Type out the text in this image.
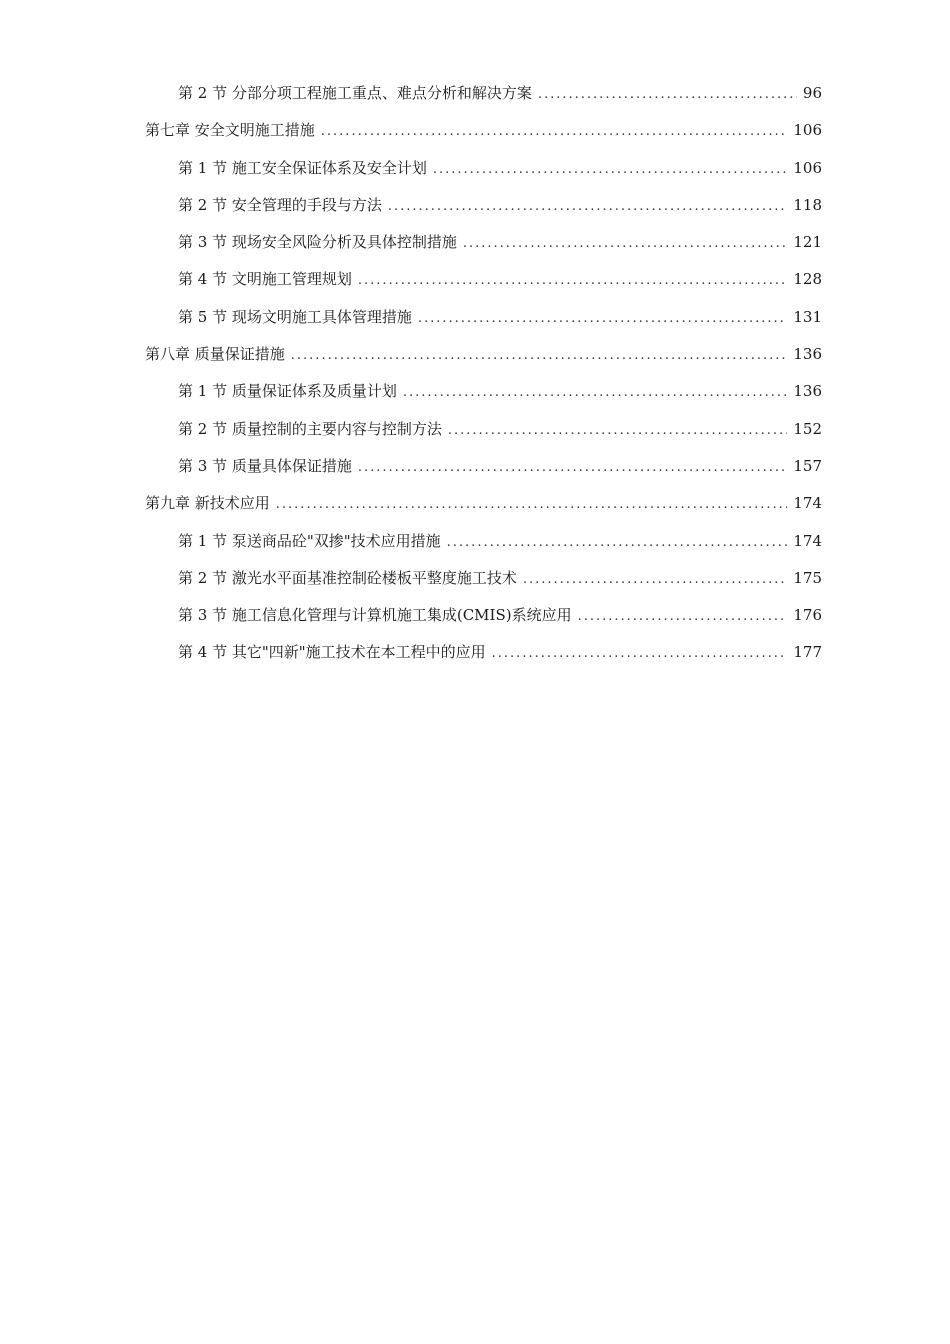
第 2 节 分部分项工程施工重点、难点分析和解决方案 .....	96
第七章 安全文明施工措施 .....	106
第 1 节 施工安全保证体系及安全计划 .....	106
第 2 节 安全管理的手段与方法 .....	118
第 3 节 现场安全风险分析及具体控制措施 .....	121
第 4 节 文明施工管理规划 .....	128
第 5 节 现场文明施工具体管理措施 .....	131
第八章 质量保证措施 .....	136
第 1 节 质量保证体系及质量计划 .....	136
第 2 节 质量控制的主要内容与控制方法 .....	152
第 3 节 质量具体保证措施 .....	157
第九章 新技术应用 .....	174
第 1 节 泵送商品砼"双掺"技术应用措施 .....	174
第 2 节 激光水平面基准控制砼楼板平整度施工技术 .....	175
第 3 节 施工信息化管理与计算机施工集成(CMIS)系统应用 .....	176
第 4 节 其它"四新"施工技术在本工程中的应用 .....	177
